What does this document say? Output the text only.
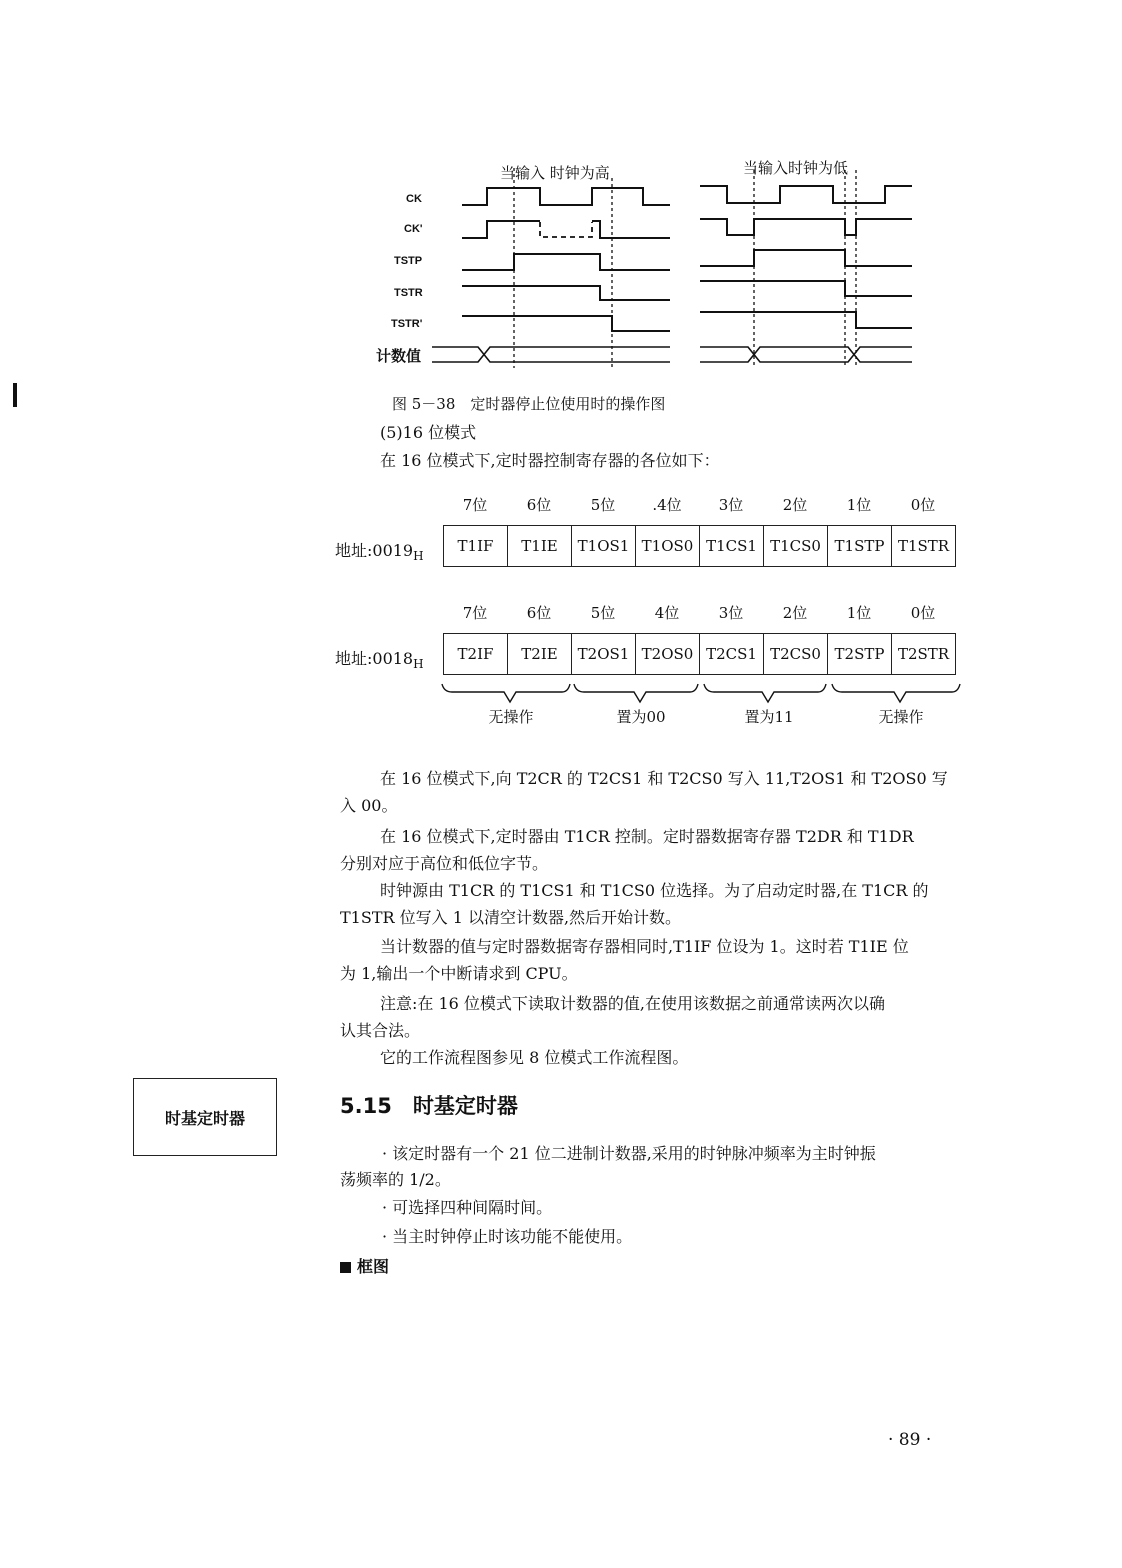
当输入 时钟为高	当输入时钟为低
CK
CK'
TSTP
TSTR
TSTR'
计数值
图 5－38　定时器停止位使用时的操作图
(5)16 位模式
在 16 位模式下,定时器控制寄存器的各位如下：
7位	6位	5位	.4位	3位	2位	1位	0位
地址$:0019_H$
T1IF	T1IE	T1OS1	T1OS0	T1CS1	T1CS0	T1STP	T1STR
7位	6位	5位	4位	3位	2位	1位	0位
地址$:0018_H$
T2IF	T2IE	T2OS1	T2OS0	T2CS1	T2CS0	T2STP	T2STR
无操作	置为00	置为11	无操作
在 16 位模式下,向 T2CR 的 T2CS1 和 T2CS0 写入 11,T2OS1 和 T2OS0 写
入 00。
在 16 位模式下,定时器由 T1CR 控制。定时器数据寄存器 T2DR 和 T1DR
分别对应于高位和低位字节。
时钟源由 T1CR 的 T1CS1 和 T1CS0 位选择。为了启动定时器,在 T1CR 的
T1STR 位写入 1 以清空计数器,然后开始计数。
当计数器的值与定时器数据寄存器相同时,T1IF 位设为 1。这时若 T1IE 位
为 1,输出一个中断请求到 CPU。
注意:在 16 位模式下读取计数器的值,在使用该数据之前通常读两次以确
认其合法。
它的工作流程图参见 8 位模式工作流程图。
时基定时器	5.15　时基定时器
· 该定时器有一个 21 位二进制计数器,采用的时钟脉冲频率为主时钟振
荡频率的 1/2。
· 可选择四种间隔时间。
· 当主时钟停止时该功能不能使用。
框图
· 89 ·
